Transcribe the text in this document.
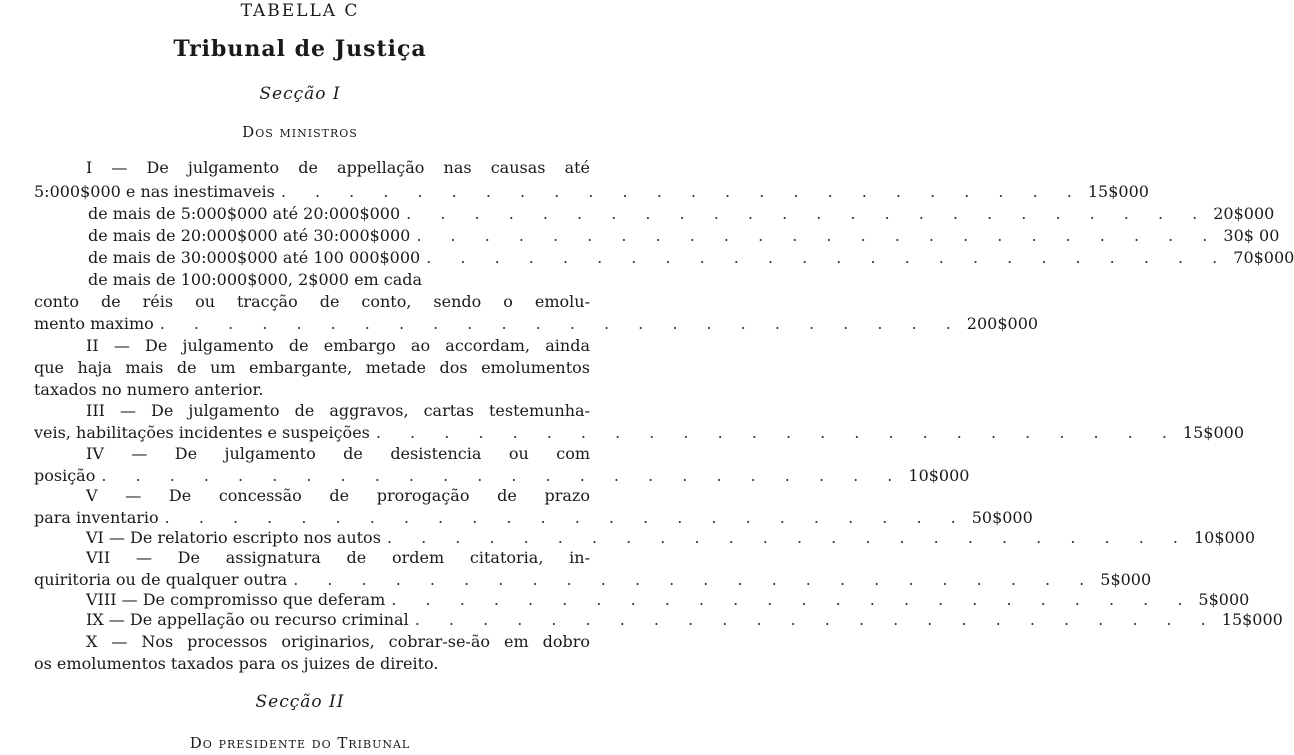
TABELLA C
Tribunal de Justiça
Secção I
Dos ministros
I — De julgamento de appellação nas causas até
5:000$000 e nas inestimaveis . . . . . . . . . . . . . . . . . . . . . . . . 15$000
de mais de 5:000$000 até 20:000$000 . . . . . . . . . . . . . . . . . . . . . . . . 20$000
de mais de 20:000$000 até 30:000$000 . . . . . . . . . . . . . . . . . . . . . . . . 30$ 00
de mais de 30:000$000 até 100 000$000 . . . . . . . . . . . . . . . . . . . . . . . . 70$000
de mais de 100:000$000, 2$000 em cada
conto de réis ou tracção de conto, sendo o emolu-
mento maximo . . . . . . . . . . . . . . . . . . . . . . . . 200$000
II — De julgamento de embargo ao accordam, ainda
que haja mais de um embargante, metade dos emolumentos
taxados no numero anterior.
III — De julgamento de aggravos, cartas testemunha-
veis, habilitações incidentes e suspeições . . . . . . . . . . . . . . . . . . . . . . . . 15$000
IV — De julgamento de desistencia ou com
posição . . . . . . . . . . . . . . . . . . . . . . . . 10$000
V — De concessão de prorogação de prazo
para inventario . . . . . . . . . . . . . . . . . . . . . . . . 50$000
VI — De relatorio escripto nos autos . . . . . . . . . . . . . . . . . . . . . . . . 10$000
VII — De assignatura de ordem citatoria, in-
quiritoria ou de qualquer outra . . . . . . . . . . . . . . . . . . . . . . . . 5$000
VIII — De compromisso que deferam . . . . . . . . . . . . . . . . . . . . . . . . 5$000
IX — De appellação ou recurso criminal . . . . . . . . . . . . . . . . . . . . . . . . 15$000
X — Nos processos originarios, cobrar-se-ão em dobro
os emolumentos taxados para os juizes de direito.
Secção II
Do presidente do Tribunal
